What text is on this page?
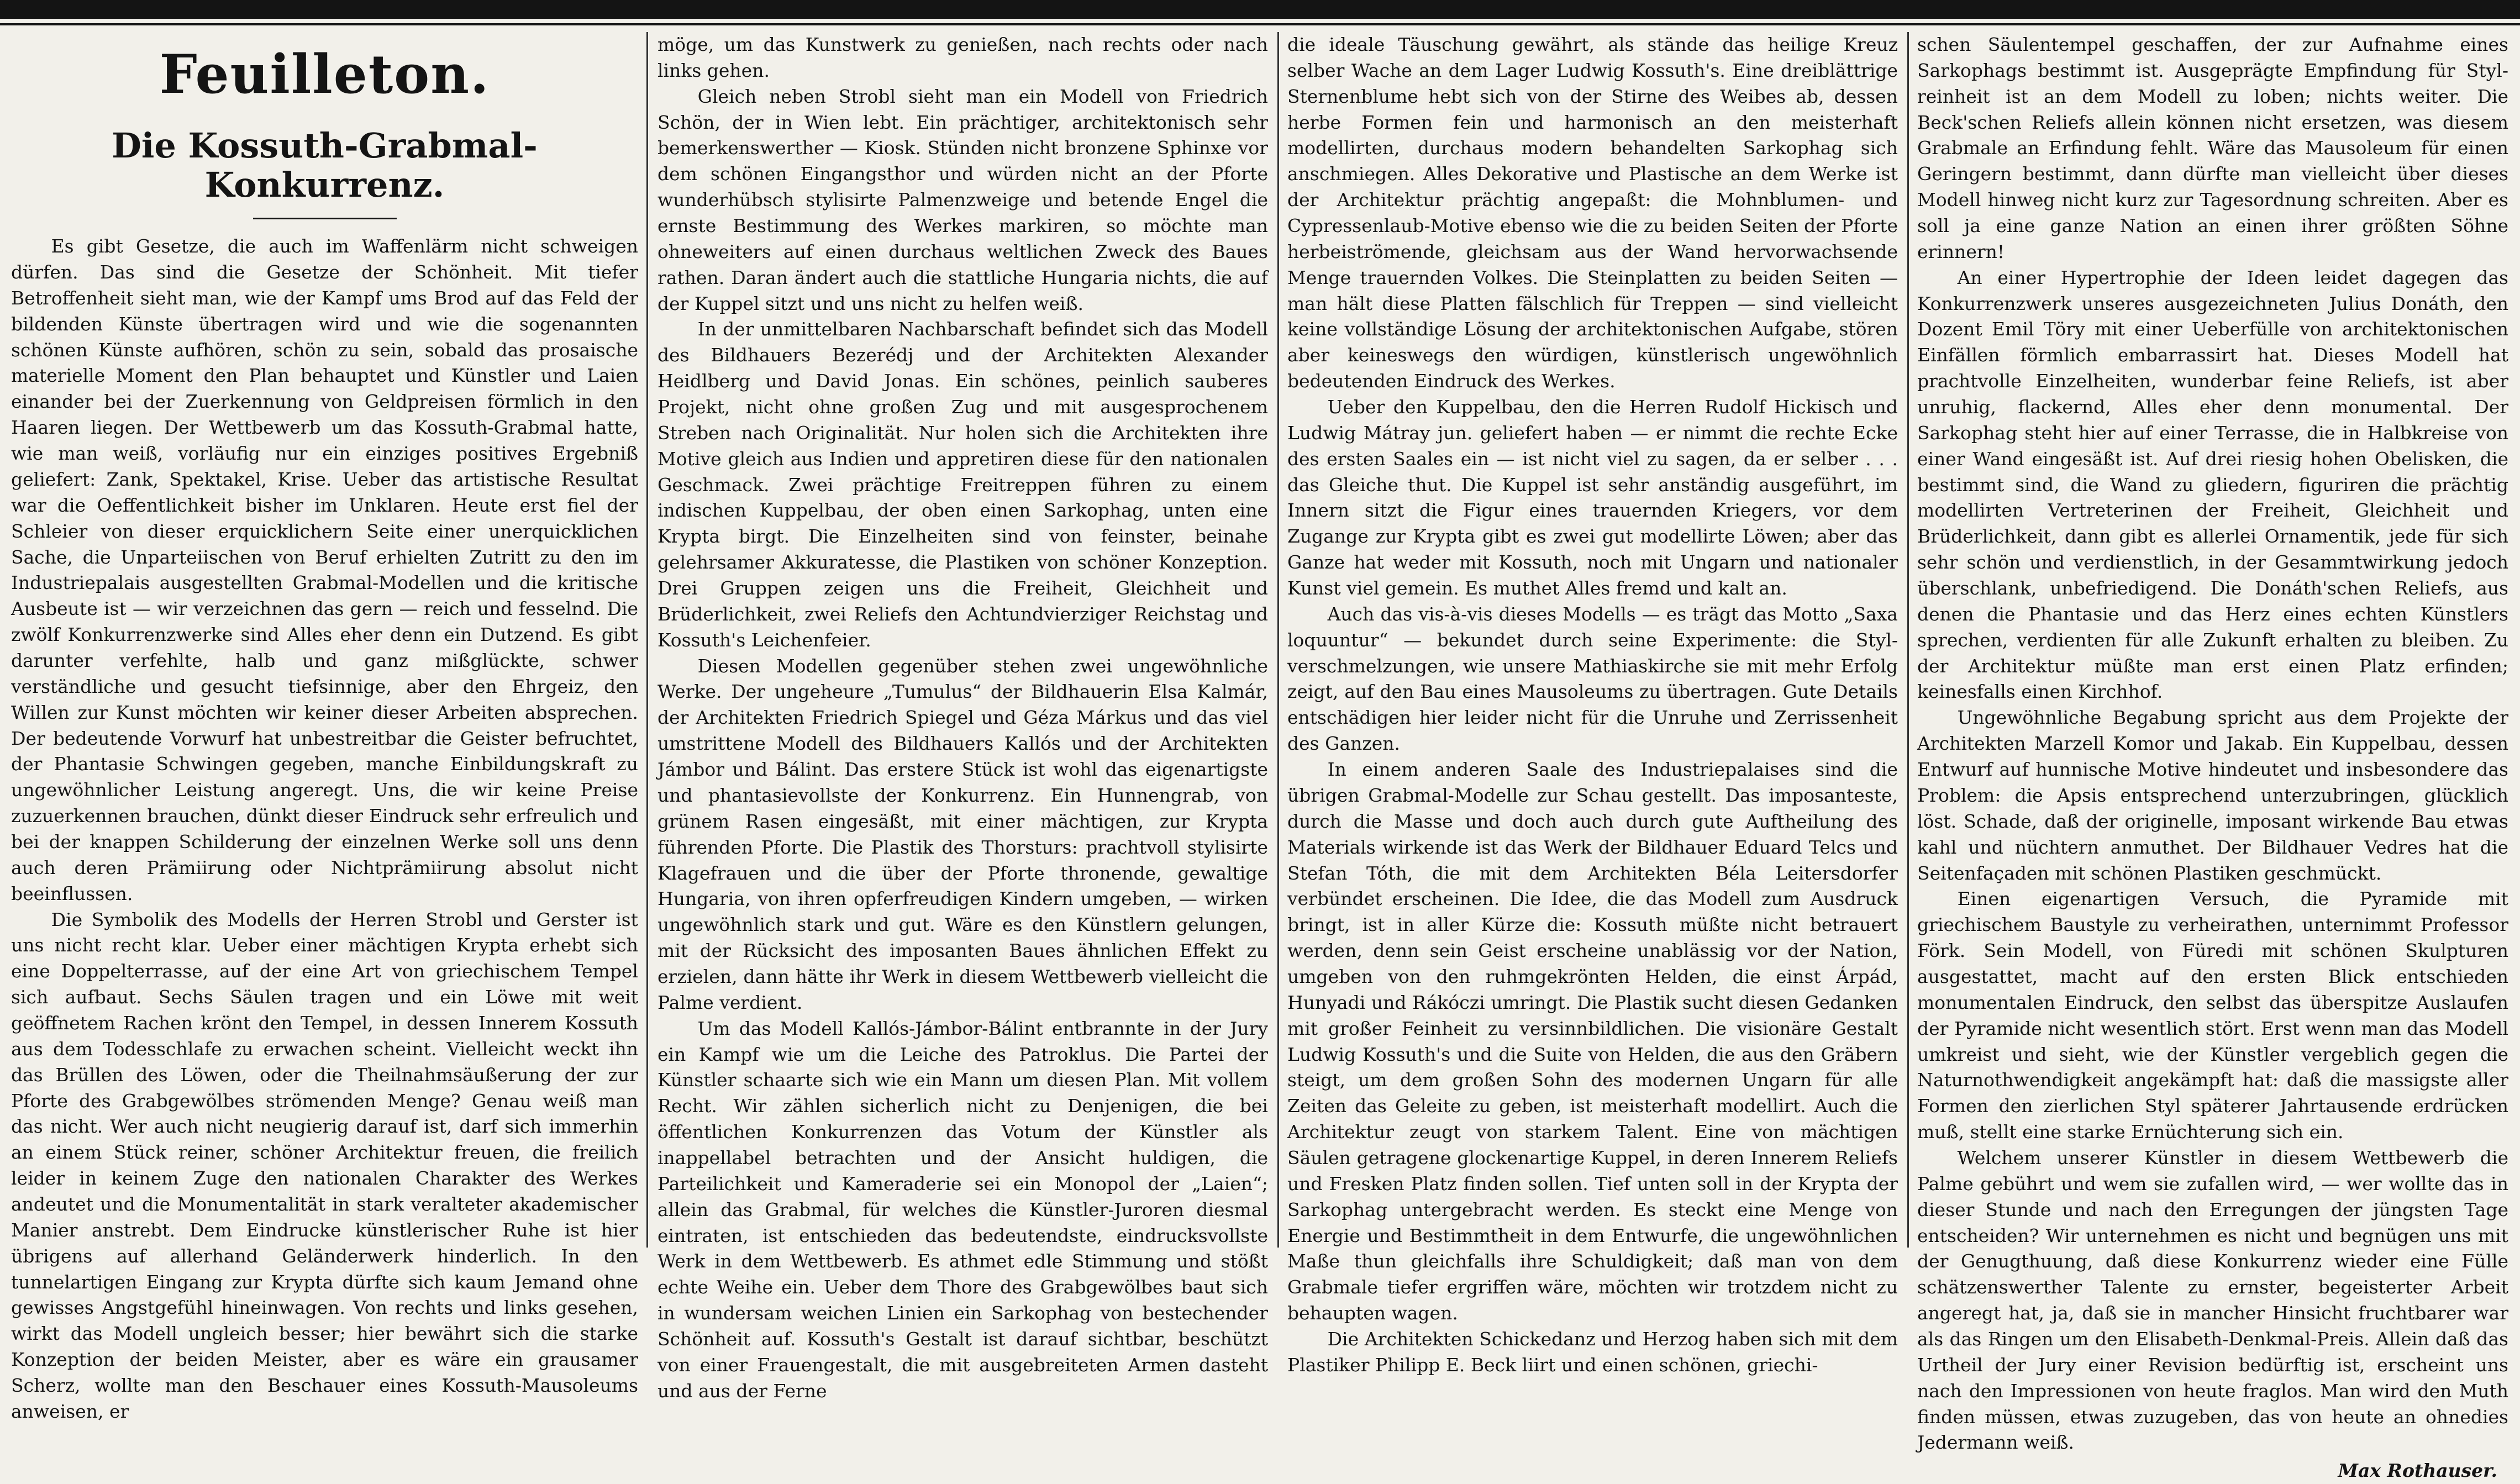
Feuilleton.
Die Kossuth-Grabmal-Konkurrenz.

Es gibt Gesetze, die auch im Waffenlärm nicht schweigen dürfen. Das sind die Gesetze der Schönheit. Mit tiefer Betroffenheit sieht man, wie der Kampf ums Brod auf das Feld der bildenden Künste übertragen wird und wie die sogenannten schönen Künste aufhören, schön zu sein, sobald das prosaische materielle Moment den Plan behauptet und Künstler und Laien einander bei der Zuerkennung von Geldpreisen förmlich in den Haaren liegen. Der Wettbewerb um das Kossuth-Grabmal hatte, wie man weiß, vorläufig nur ein einziges positives Ergebniß geliefert: Zank, Spektakel, Krise. Ueber das artistische Resultat war die Oeffentlichkeit bisher im Unklaren. Heute erst fiel der Schleier von dieser erquicklichern Seite einer unerquicklichen Sache, die Unparteiischen von Beruf erhielten Zutritt zu den im Industriepalais ausgestellten Grabmal-Modellen und die kritische Ausbeute ist — wir verzeichnen das gern — reich und fesselnd. Die zwölf Konkurrenzwerke sind Alles eher denn ein Dutzend. Es gibt darunter verfehlte, halb und ganz mißglückte, schwer verständliche und gesucht tiefsinnige, aber den Ehrgeiz, den Willen zur Kunst möchten wir keiner dieser Arbeiten absprechen. Der bedeutende Vorwurf hat unbestreitbar die Geister befruchtet, der Phantasie Schwingen gegeben, manche Einbildungskraft zu ungewöhnlicher Leistung angeregt. Uns, die wir keine Preise zuzuerkennen brauchen, dünkt dieser Eindruck sehr erfreulich und bei der knappen Schilderung der einzelnen Werke soll uns denn auch deren Prämiirung oder Nichtprämiirung absolut nicht beeinflussen.

Die Symbolik des Modells der Herren Strobl und Gerster ist uns nicht recht klar. Ueber einer mächtigen Krypta erhebt sich eine Doppelterrasse, auf der eine Art von griechischem Tempel sich aufbaut. Sechs Säulen tragen und ein Löwe mit weit geöffnetem Rachen krönt den Tempel, in dessen Innerem Kossuth aus dem Todesschlafe zu erwachen scheint. Vielleicht weckt ihn das Brüllen des Löwen, oder die Theilnahmsäußerung der zur Pforte des Grabgewölbes strömenden Menge? Genau weiß man das nicht. Wer auch nicht neugierig darauf ist, darf sich immerhin an einem Stück reiner, schöner Architektur freuen, die freilich leider in keinem Zuge den nationalen Charakter des Werkes andeutet und die Monumentalität in stark veralteter akademischer Manier anstrebt. Dem Eindrucke künstlerischer Ruhe ist hier übrigens auf allerhand Geländerwerk hinderlich. In den tunnelartigen Eingang zur Krypta dürfte sich kaum Jemand ohne gewisses Angstgefühl hineinwagen. Von rechts und links gesehen, wirkt das Modell ungleich besser; hier bewährt sich die starke Konzeption der beiden Meister, aber es wäre ein grausamer Scherz, wollte man den Beschauer eines Kossuth-Mausoleums anweisen, er

möge, um das Kunstwerk zu genießen, nach rechts oder nach links gehen.

Gleich neben Strobl sieht man ein Modell von Friedrich Schön, der in Wien lebt. Ein prächtiger, architektonisch sehr bemerkenswerther — Kiosk. Stünden nicht bronzene Sphinxe vor dem schönen Eingangsthor und würden nicht an der Pforte wunderhübsch stylisirte Palmenzweige und betende Engel die ernste Bestimmung des Werkes markiren, so möchte man ohneweiters auf einen durchaus weltlichen Zweck des Baues rathen. Daran ändert auch die stattliche Hungaria nichts, die auf der Kuppel sitzt und uns nicht zu helfen weiß.

In der unmittelbaren Nachbarschaft befindet sich das Modell des Bildhauers Bezerédj und der Architekten Alexander Heidlberg und David Jonas. Ein schönes, peinlich sauberes Projekt, nicht ohne großen Zug und mit ausgesprochenem Streben nach Originalität. Nur holen sich die Architekten ihre Motive gleich aus Indien und appretiren diese für den nationalen Geschmack. Zwei prächtige Freitreppen führen zu einem indischen Kuppelbau, der oben einen Sarkophag, unten eine Krypta birgt. Die Einzelheiten sind von feinster, beinahe gelehrsamer Akkuratesse, die Plastiken von schöner Konzeption. Drei Gruppen zeigen uns die Freiheit, Gleichheit und Brüderlichkeit, zwei Reliefs den Achtundvierziger Reichstag und Kossuth's Leichenfeier.

Diesen Modellen gegenüber stehen zwei ungewöhnliche Werke. Der ungeheure „Tumulus“ der Bildhauerin Elsa Kalmár, der Architekten Friedrich Spiegel und Géza Márkus und das viel umstrittene Modell des Bildhauers Kallós und der Architekten Jámbor und Bálint. Das erstere Stück ist wohl das eigenartigste und phantasievollste der Konkurrenz. Ein Hunnengrab, von grünem Rasen eingesäßt, mit einer mächtigen, zur Krypta führenden Pforte. Die Plastik des Thorsturs: prachtvoll stylisirte Klagefrauen und die über der Pforte thronende, gewaltige Hungaria, von ihren opferfreudigen Kindern umgeben, — wirken ungewöhnlich stark und gut. Wäre es den Künstlern gelungen, mit der Rücksicht des imposanten Baues ähnlichen Effekt zu erzielen, dann hätte ihr Werk in diesem Wettbewerb vielleicht die Palme verdient.

Um das Modell Kallós-Jámbor-Bálint entbrannte in der Jury ein Kampf wie um die Leiche des Patroklus. Die Partei der Künstler schaarte sich wie ein Mann um diesen Plan. Mit vollem Recht. Wir zählen sicherlich nicht zu Denjenigen, die bei öffentlichen Konkurrenzen das Votum der Künstler als inappellabel betrachten und der Ansicht huldigen, die Parteilichkeit und Kameraderie sei ein Monopol der „Laien“; allein das Grabmal, für welches die Künstler-Juroren diesmal eintraten, ist entschieden das bedeutendste, eindrucksvollste Werk in dem Wettbewerb. Es athmet edle Stimmung und stößt echte Weihe ein. Ueber dem Thore des Grabgewölbes baut sich in wundersam weichen Linien ein Sarkophag von bestechender Schönheit auf. Kossuth's Gestalt ist darauf sichtbar, beschützt von einer Frauengestalt, die mit ausgebreiteten Armen dasteht und aus der Ferne

die ideale Täuschung gewährt, als stände das heilige Kreuz selber Wache an dem Lager Ludwig Kossuth's. Eine dreiblättrige Sternenblume hebt sich von der Stirne des Weibes ab, dessen herbe Formen fein und harmonisch an den meisterhaft modellirten, durchaus modern behandelten Sarkophag sich anschmiegen. Alles Dekorative und Plastische an dem Werke ist der Architektur prächtig angepaßt: die Mohnblumen- und Cypressenlaub-Motive ebenso wie die zu beiden Seiten der Pforte herbeiströmende, gleichsam aus der Wand hervorwachsende Menge trauernden Volkes. Die Steinplatten zu beiden Seiten — man hält diese Platten fälschlich für Treppen — sind vielleicht keine vollständige Lösung der architektonischen Aufgabe, stören aber keineswegs den würdigen, künstlerisch ungewöhnlich bedeutenden Eindruck des Werkes.

Ueber den Kuppelbau, den die Herren Rudolf Hickisch und Ludwig Mátray jun. geliefert haben — er nimmt die rechte Ecke des ersten Saales ein — ist nicht viel zu sagen, da er selber . . . das Gleiche thut. Die Kuppel ist sehr anständig ausgeführt, im Innern sitzt die Figur eines trauernden Kriegers, vor dem Zugange zur Krypta gibt es zwei gut modellirte Löwen; aber das Ganze hat weder mit Kossuth, noch mit Ungarn und nationaler Kunst viel gemein. Es muthet Alles fremd und kalt an.

Auch das vis-à-vis dieses Modells — es trägt das Motto „Saxa loquuntur“ — bekundet durch seine Experimente: die Styl-verschmelzungen, wie unsere Mathiaskirche sie mit mehr Erfolg zeigt, auf den Bau eines Mausoleums zu übertragen. Gute Details entschädigen hier leider nicht für die Unruhe und Zerrissenheit des Ganzen.

In einem anderen Saale des Industriepalaises sind die übrigen Grabmal-Modelle zur Schau gestellt. Das imposanteste, durch die Masse und doch auch durch gute Auftheilung des Materials wirkende ist das Werk der Bildhauer Eduard Telcs und Stefan Tóth, die mit dem Architekten Béla Leitersdorfer verbündet erscheinen. Die Idee, die das Modell zum Ausdruck bringt, ist in aller Kürze die: Kossuth müßte nicht betrauert werden, denn sein Geist erscheine unablässig vor der Nation, umgeben von den ruhmgekrönten Helden, die einst Árpád, Hunyadi und Rákóczi umringt. Die Plastik sucht diesen Gedanken mit großer Feinheit zu versinnbildlichen. Die visionäre Gestalt Ludwig Kossuth's und die Suite von Helden, die aus den Gräbern steigt, um dem großen Sohn des modernen Ungarn für alle Zeiten das Geleite zu geben, ist meisterhaft modellirt. Auch die Architektur zeugt von starkem Talent. Eine von mächtigen Säulen getragene glockenartige Kuppel, in deren Innerem Reliefs und Fresken Platz finden sollen. Tief unten soll in der Krypta der Sarkophag untergebracht werden. Es steckt eine Menge von Energie und Bestimmtheit in dem Entwurfe, die ungewöhnlichen Maße thun gleichfalls ihre Schuldigkeit; daß man von dem Grabmale tiefer ergriffen wäre, möchten wir trotzdem nicht zu behaupten wagen.

Die Architekten Schickedanz und Herzog haben sich mit dem Plastiker Philipp E. Beck liirt und einen schönen, griechi-

schen Säulentempel geschaffen, der zur Aufnahme eines Sarkophags bestimmt ist. Ausgeprägte Empfindung für Styl-reinheit ist an dem Modell zu loben; nichts weiter. Die Beck'schen Reliefs allein können nicht ersetzen, was diesem Grabmale an Erfindung fehlt. Wäre das Mausoleum für einen Geringern bestimmt, dann dürfte man vielleicht über dieses Modell hinweg nicht kurz zur Tagesordnung schreiten. Aber es soll ja eine ganze Nation an einen ihrer größten Söhne erinnern!

An einer Hypertrophie der Ideen leidet dagegen das Konkurrenzwerk unseres ausgezeichneten Julius Donáth, den Dozent Emil Töry mit einer Ueberfülle von architektonischen Einfällen förmlich embarrassirt hat. Dieses Modell hat prachtvolle Einzelheiten, wunderbar feine Reliefs, ist aber unruhig, flackernd, Alles eher denn monumental. Der Sarkophag steht hier auf einer Terrasse, die in Halbkreise von einer Wand eingesäßt ist. Auf drei riesig hohen Obelisken, die bestimmt sind, die Wand zu gliedern, figuriren die prächtig modellirten Vertreterinen der Freiheit, Gleichheit und Brüderlichkeit, dann gibt es allerlei Ornamentik, jede für sich sehr schön und verdienstlich, in der Gesammtwirkung jedoch überschlank, unbefriedigend. Die Donáth'schen Reliefs, aus denen die Phantasie und das Herz eines echten Künstlers sprechen, verdienten für alle Zukunft erhalten zu bleiben. Zu der Architektur müßte man erst einen Platz erfinden; keinesfalls einen Kirchhof.

Ungewöhnliche Begabung spricht aus dem Projekte der Architekten Marzell Komor und Jakab. Ein Kuppelbau, dessen Entwurf auf hunnische Motive hindeutet und insbesondere das Problem: die Apsis entsprechend unterzubringen, glücklich löst. Schade, daß der originelle, imposant wirkende Bau etwas kahl und nüchtern anmuthet. Der Bildhauer Vedres hat die Seitenfaçaden mit schönen Plastiken geschmückt.

Einen eigenartigen Versuch, die Pyramide mit griechischem Baustyle zu verheirathen, unternimmt Professor Förk. Sein Modell, von Füredi mit schönen Skulpturen ausgestattet, macht auf den ersten Blick entschieden monumentalen Eindruck, den selbst das überspitze Auslaufen der Pyramide nicht wesentlich stört. Erst wenn man das Modell umkreist und sieht, wie der Künstler vergeblich gegen die Naturnothwendigkeit angekämpft hat: daß die massigste aller Formen den zierlichen Styl späterer Jahrtausende erdrücken muß, stellt eine starke Ernüchterung sich ein.

Welchem unserer Künstler in diesem Wettbewerb die Palme gebührt und wem sie zufallen wird, — wer wollte das in dieser Stunde und nach den Erregungen der jüngsten Tage entscheiden? Wir unternehmen es nicht und begnügen uns mit der Genugthuung, daß diese Konkurrenz wieder eine Fülle schätzenswerther Talente zu ernster, begeisterter Arbeit angeregt hat, ja, daß sie in mancher Hinsicht fruchtbarer war als das Ringen um den Elisabeth-Denkmal-Preis. Allein daß das Urtheil der Jury einer Revision bedürftig ist, erscheint uns nach den Impressionen von heute fraglos. Man wird den Muth finden müssen, etwas zuzugeben, das von heute an ohnedies Jedermann weiß.

Max Rothauser.
